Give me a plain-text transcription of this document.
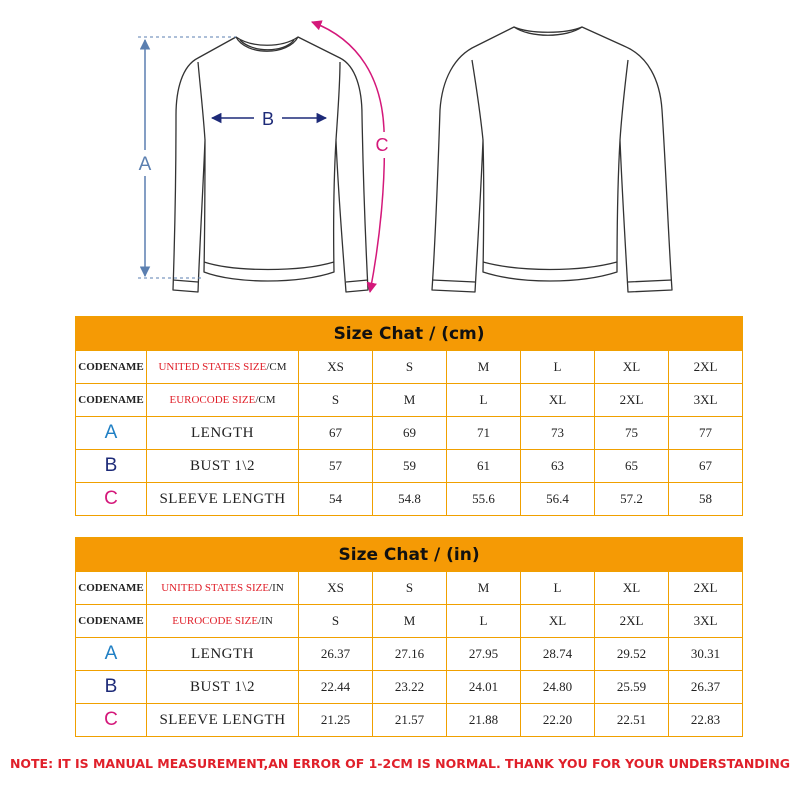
A
B
C
Size Chat / (cm)							
CODENAME	UNITED STATES SIZE/CM	XS	S	M	L	XL	2XL
CODENAME	EUROCODE SIZE/CM	S	M	L	XL	2XL	3XL
A	LENGTH	67	69	71	73	75	77
B	BUST 1\2	57	59	61	63	65	67
C	SLEEVE LENGTH	54	54.8	55.6	56.4	57.2	58
Size Chat / (in)							
CODENAME	UNITED STATES SIZE/IN	XS	S	M	L	XL	2XL
CODENAME	EUROCODE SIZE/IN	S	M	L	XL	2XL	3XL
A	LENGTH	26.37	27.16	27.95	28.74	29.52	30.31
B	BUST 1\2	22.44	23.22	24.01	24.80	25.59	26.37
C	SLEEVE LENGTH	21.25	21.57	21.88	22.20	22.51	22.83
NOTE: IT IS MANUAL MEASUREMENT,AN ERROR OF 1-2CM IS NORMAL. THANK YOU FOR YOUR UNDERSTANDING
